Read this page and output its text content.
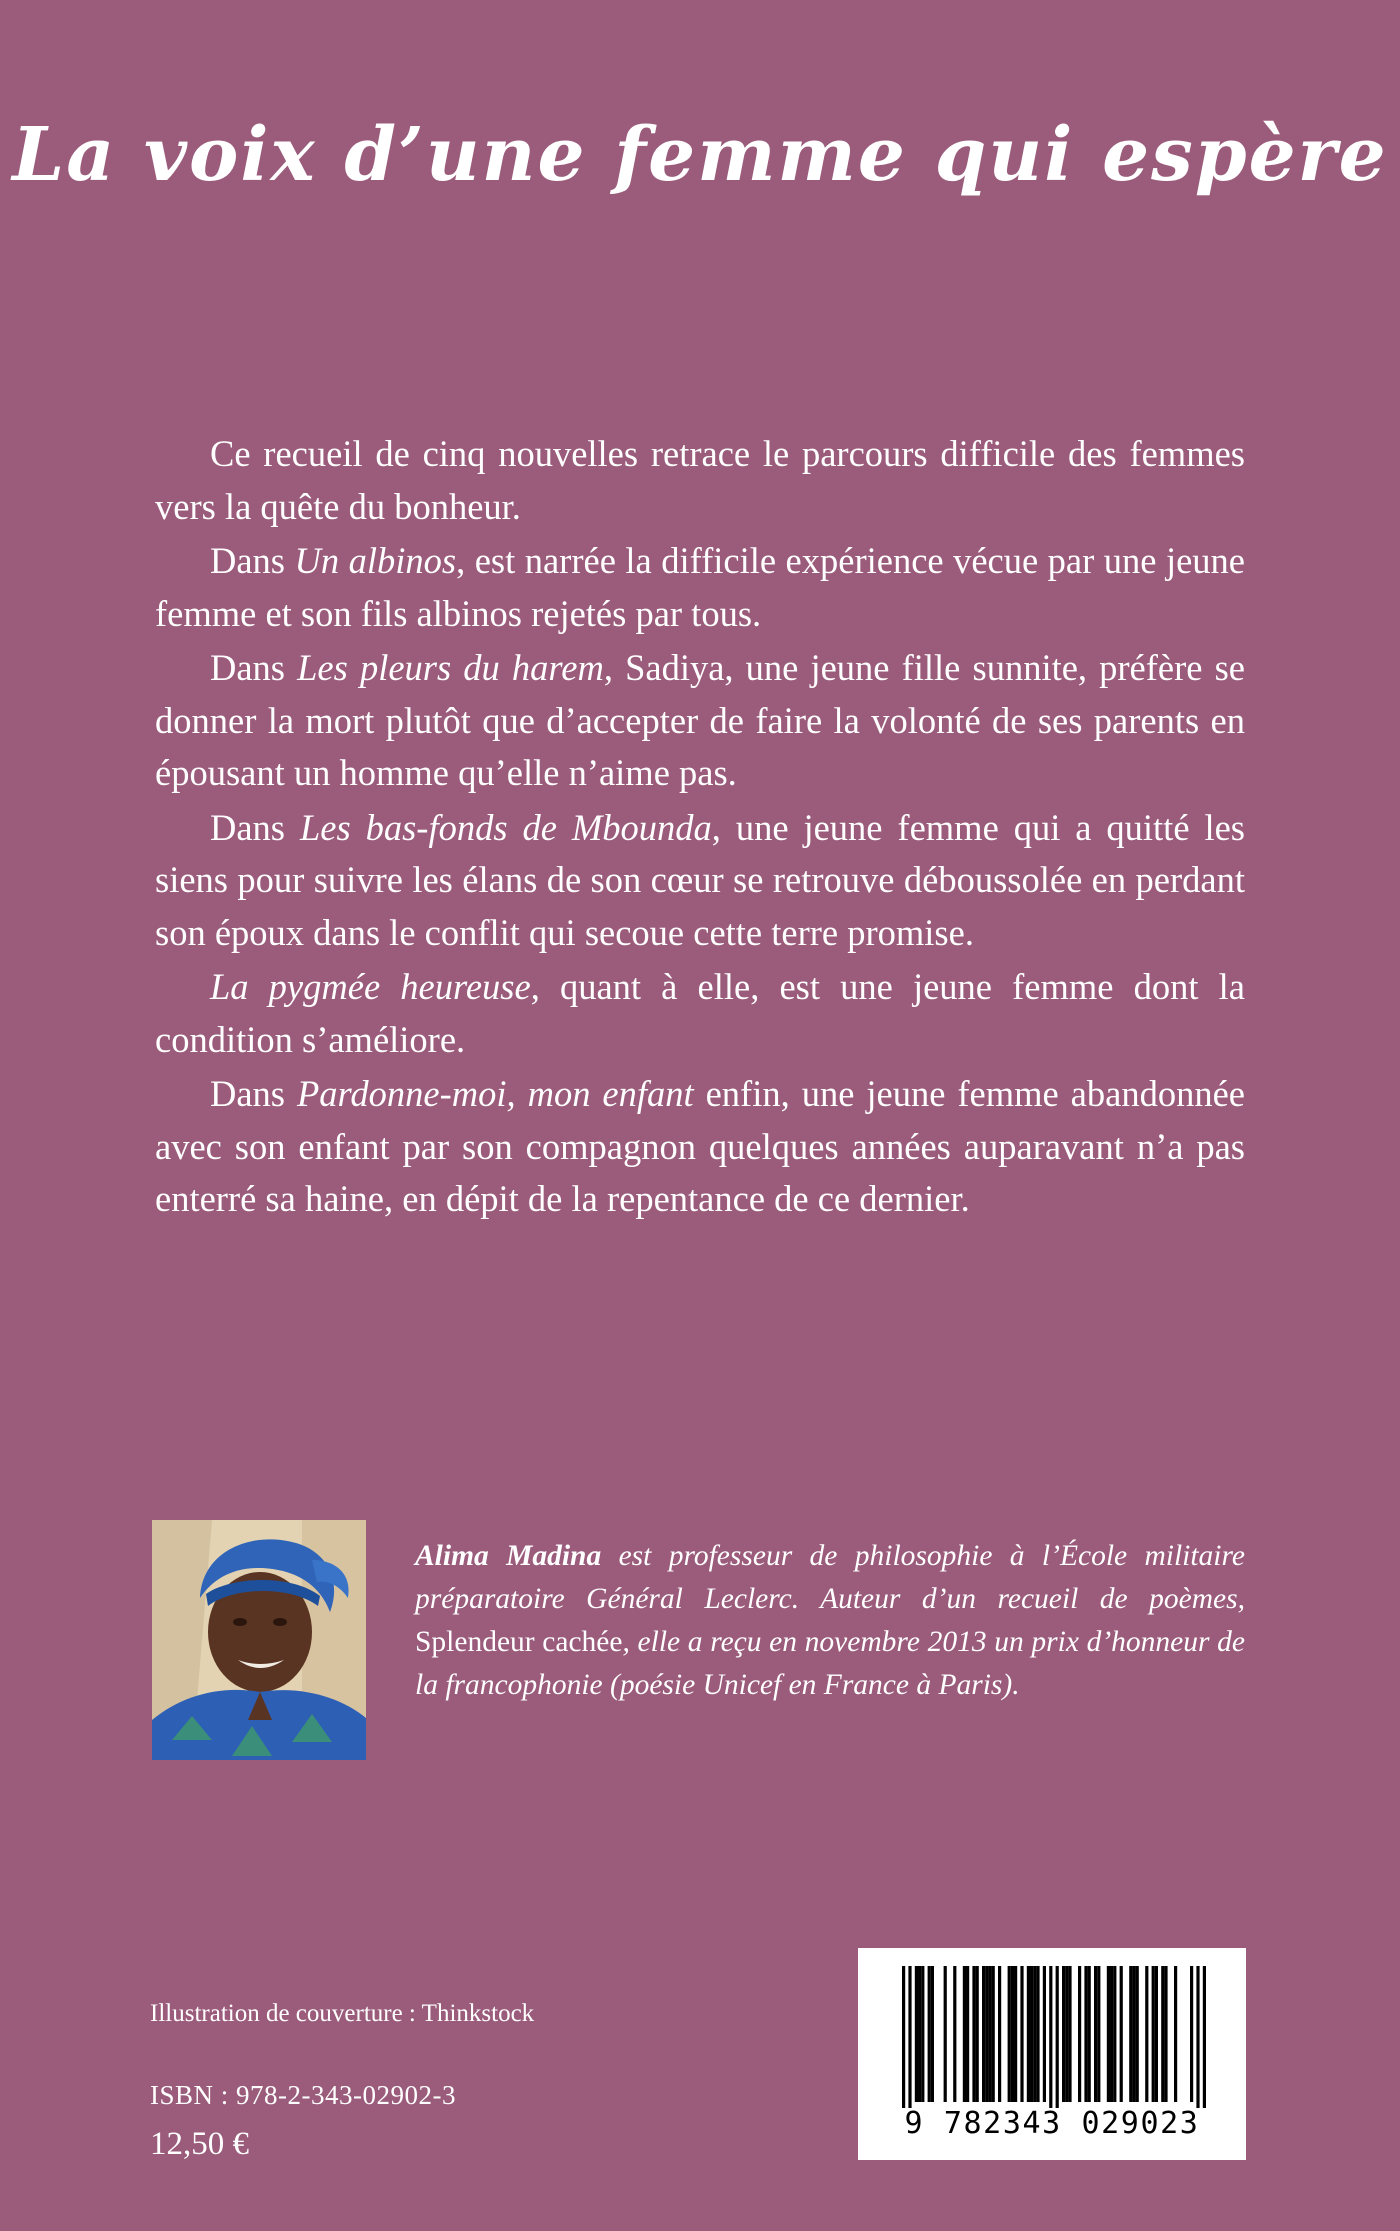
La voix d’une femme qui espère

Ce recueil de cinq nouvelles retrace le parcours difficile des femmes vers la quête du bonheur.

Dans Un albinos, est narrée la difficile expérience vécue par une jeune femme et son fils albinos rejetés par tous.

Dans Les pleurs du harem, Sadiya, une jeune fille sunnite, préfère se donner la mort plutôt que d’accepter de faire la volonté de ses parents en épousant un homme qu’elle n’aime pas.

Dans Les bas-fonds de Mbounda, une jeune femme qui a quitté les siens pour suivre les élans de son cœur se retrouve déboussolée en perdant son époux dans le conflit qui secoue cette terre promise.

La pygmée heureuse, quant à elle, est une jeune femme dont la condition s’améliore.

Dans Pardonne-moi, mon enfant enfin, une jeune femme abandonnée avec son enfant par son compagnon quelques années auparavant n’a pas enterré sa haine, en dépit de la repentance de ce dernier.

Alima Madina est professeur de philosophie à l’École militaire préparatoire Général Leclerc. Auteur d’un recueil de poèmes, Splendeur cachée, elle a reçu en novembre 2013 un prix d’honneur de la francophonie (poésie Unicef en France à Paris).
Illustration de couverture : Thinkstock
ISBN : 978-2-343-02902-3
12,50 €
9 782343 029023
